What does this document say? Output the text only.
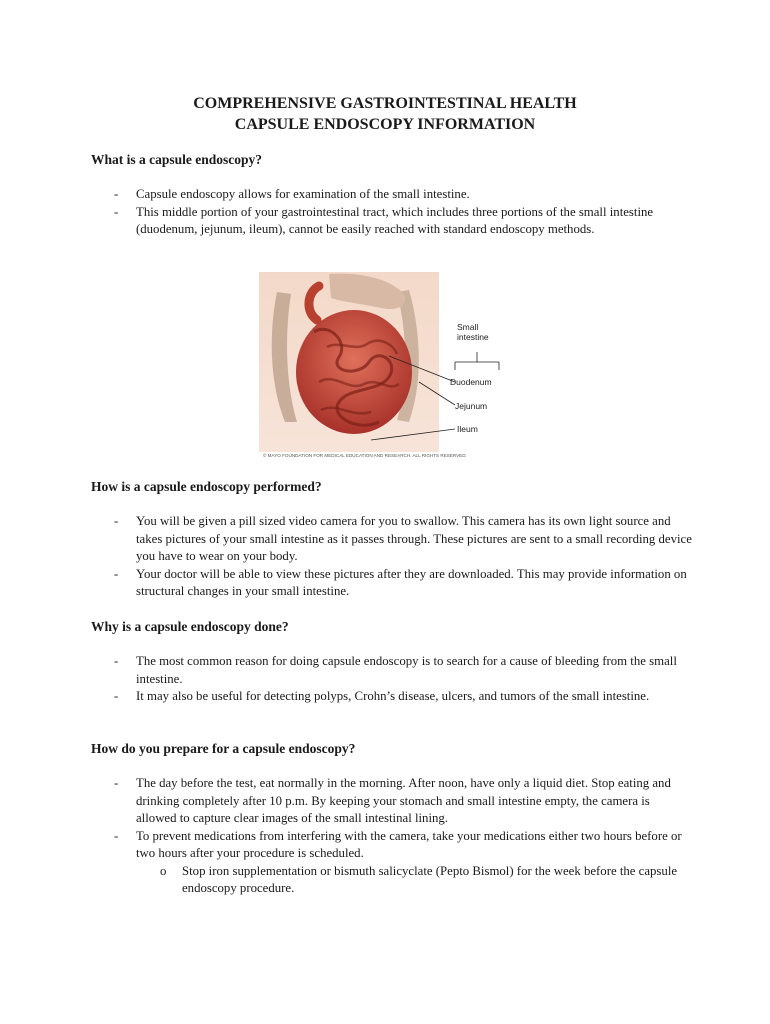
COMPREHENSIVE GASTROINTESTINAL HEALTH
CAPSULE ENDOSCOPY INFORMATION
What is a capsule endoscopy?

- Capsule endoscopy allows for examination of the small intestine.

- This middle portion of your gastrointestinal tract, which includes three portions of the small intestine (duodenum, jejunum, ileum), cannot be easily reached with standard endoscopy methods.

Small
intestine
Duodenum
Jejunum
Ileum
© MAYO FOUNDATION FOR MEDICAL EDUCATION AND RESEARCH. ALL RIGHTS RESERVED.
How is a capsule endoscopy performed?

- You will be given a pill sized video camera for you to swallow. This camera has its own light source and takes pictures of your small intestine as it passes through. These pictures are sent to a small recording device you have to wear on your body.

- Your doctor will be able to view these pictures after they are downloaded. This may provide information on structural changes in your small intestine.

Why is a capsule endoscopy done?

- The most common reason for doing capsule endoscopy is to search for a cause of bleeding from the small intestine.

- It may also be useful for detecting polyps, Crohn’s disease, ulcers, and tumors of the small intestine.

How do you prepare for a capsule endoscopy?

- The day before the test, eat normally in the morning. After noon, have only a liquid diet. Stop eating and drinking completely after 10 p.m. By keeping your stomach and small intestine empty, the camera is allowed to capture clear images of the small intestinal lining.

- To prevent medications from interfering with the camera, take your medications either two hours before or two hours after your procedure is scheduled.

o Stop iron supplementation or bismuth salicyclate (Pepto Bismol) for the week before the capsule endoscopy procedure.
